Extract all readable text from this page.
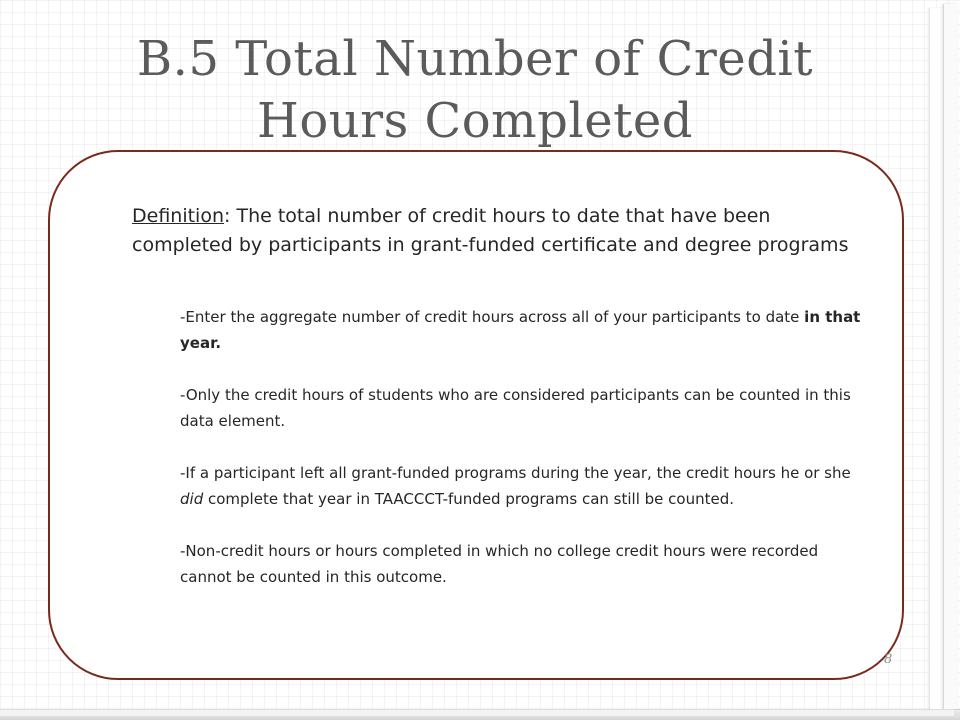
B.5 Total Number of Credit
Hours Completed
Definition: The total number of credit hours to date that have been completed by participants in grant-funded certificate and degree programs
-Enter the aggregate number of credit hours across all of your participants to date in that year.
-Only the credit hours of students who are considered participants can be counted in this data element.
-If a participant left all grant-funded programs during the year, the credit hours he or she did complete that year in TAACCCT-funded programs can still be counted.
-Non-credit hours or hours completed in which no college credit hours were recorded cannot be counted in this outcome.
8
